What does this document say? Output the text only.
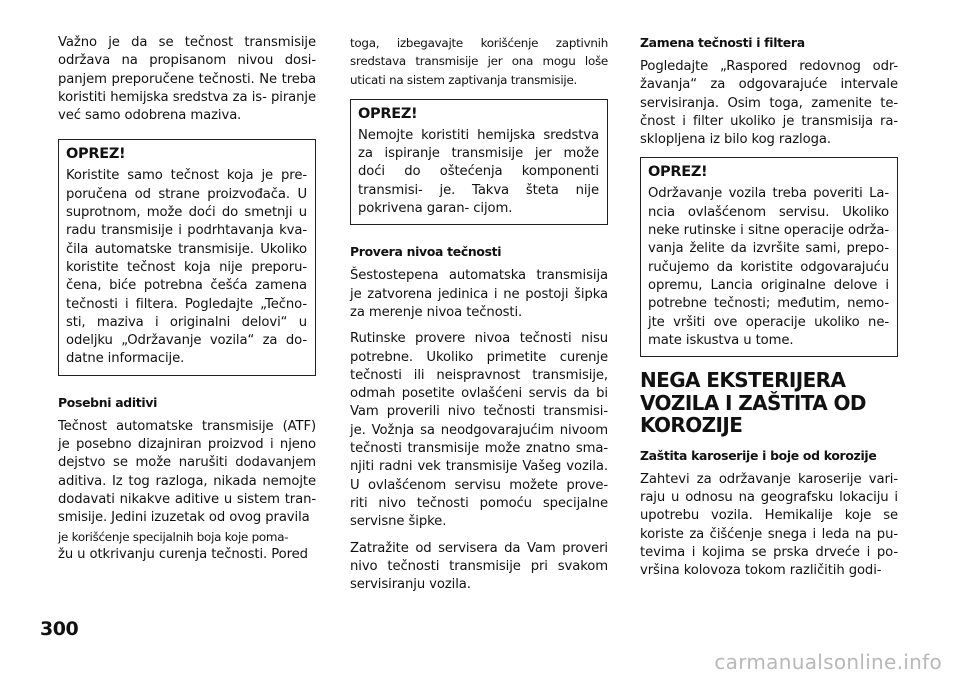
Važno je da se tečnost transmisije održava na propisanom nivou dosi- panjem preporučene tečnosti. Ne treba koristiti hemijska sredstva za is- piranje već samo odobrena maziva.

OPREZ!

Koristite samo tečnost koja je pre- poručena od strane proizvođača. U suprotnom, može doći do smetnji u radu transmisije i podrhtavanja kva- čila automatske transmisije. Ukoliko koristite tečnost koja nije preporu- čena, biće potrebna češća zamena tečnosti i filtera. Pogledajte „Tečno- sti, maziva i originalni delovi“ u odeljku „Održavanje vozila“ za do- datne informacije.

Posebni aditivi

Tečnost automatske transmisije (ATF) je posebno dizajniran proizvod i njeno dejstvo se može narušiti dodavanjem aditiva. Iz tog razloga, nikada nemojte dodavati nikakve aditive u sistem tran- smisije. Jedini izuzetak od ovog pravila

je korišćenje specijalnih boja koje poma-

žu u otkrivanju curenja tečnosti. Pored

toga, izbegavajte korišćenje zaptivnih sredstava transmisije jer ona mogu loše uticati na sistem zaptivanja transmisije.

OPREZ!

Nemojte koristiti hemijska sredstva za ispiranje transmisije jer može doći do oštećenja komponenti transmisi- je. Takva šteta nije pokrivena garan- cijom.

Provera nivoa tečnosti

Šestostepena automatska transmisija je zatvorena jedinica i ne postoji šipka za merenje nivoa tečnosti.

Rutinske provere nivoa tečnosti nisu potrebne. Ukoliko primetite curenje tečnosti ili neispravnost transmisije, odmah posetite ovlašćeni servis da bi Vam proverili nivo tečnosti transmisi- je. Vožnja sa neodgovarajućim nivoom tečnosti transmisije može znatno sma- njiti radni vek transmisije Vašeg vozila. U ovlašćenom servisu možete prove- riti nivo tečnosti pomoću specijalne servisne šipke.

Zatražite od servisera da Vam proveri nivo tečnosti transmisije pri svakom servisiranju vozila.

Zamena tečnosti i filtera

Pogledajte „Raspored redovnog odr- žavanja“ za odgovarajuće intervale servisiranja. Osim toga, zamenite te- čnost i filter ukoliko je transmisija ra- sklopljena iz bilo kog razloga.

OPREZ!

Održavanje vozila treba poveriti La- ncia ovlašćenom servisu. Ukoliko neke rutinske i sitne operacije održa- vanja želite da izvršite sami, prepo- ručujemo da koristite odgovarajuću opremu, Lancia originalne delove i potrebne tečnosti; međutim, nemo- jte vršiti ove operacije ukoliko ne- mate iskustva u tome.

NEGA EKSTERIJERA VOZILA I ZAŠTITA OD KOROZIJE
Zaštita karoserije i boje od korozije

Zahtevi za održavanje karoserije vari- raju u odnosu na geografsku lokaciju i upotrebu vozila. Hemikalije koje se koriste za čišćenje snega i leda na pu- tevima i kojima se prska drveće i po- vršina kolovoza tokom različitih godi-

300
carmanualsonline.info
